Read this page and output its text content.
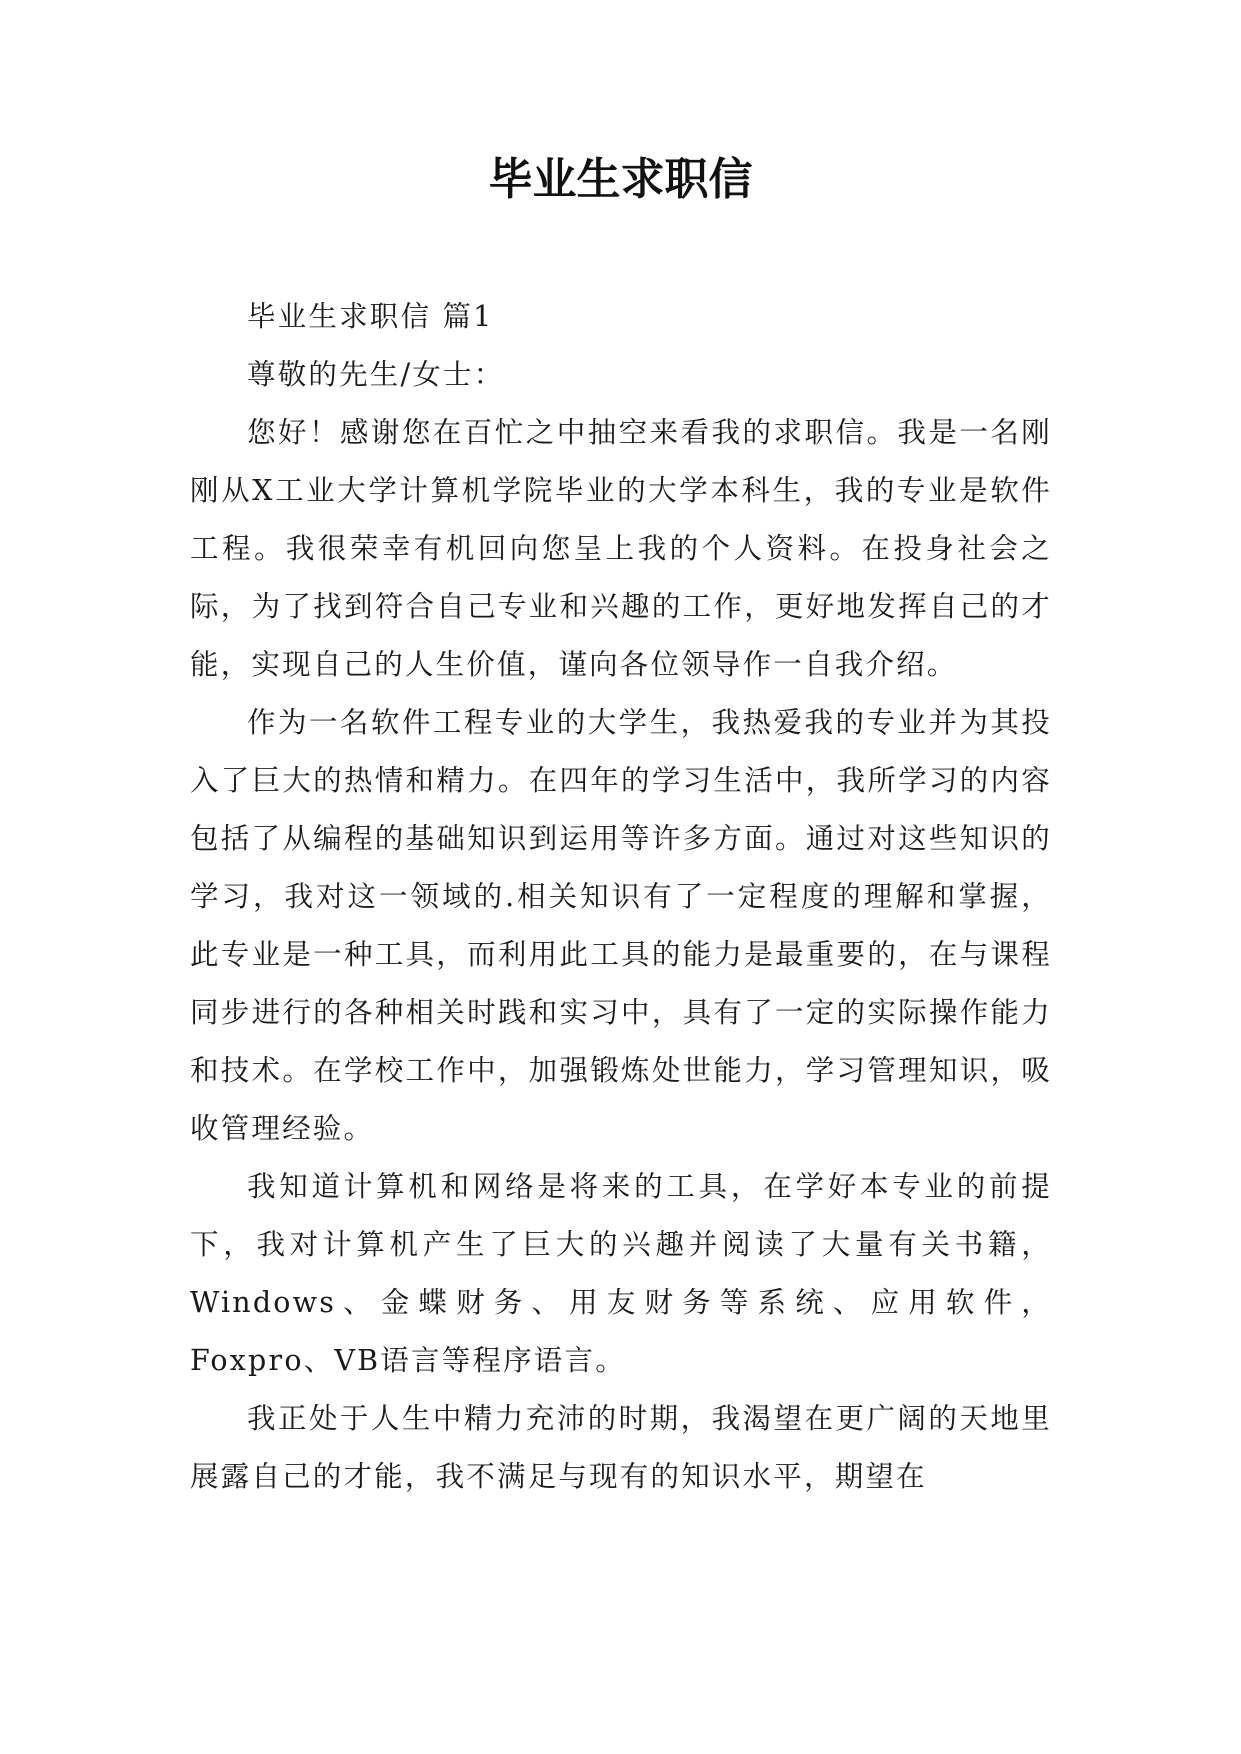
毕业生求职信

毕业生求职信 篇1

尊敬的先生/女士：

您好！感谢您在百忙之中抽空来看我的求职信。我是一名刚刚从X工业大学计算机学院毕业的大学本科生，我的专业是软件工程。我很荣幸有机回向您呈上我的个人资料。在投身社会之际，为了找到符合自己专业和兴趣的工作，更好地发挥自己的才能，实现自己的人生价值，谨向各位领导作一自我介绍。

作为一名软件工程专业的大学生，我热爱我的专业并为其投入了巨大的热情和精力。在四年的学习生活中，我所学习的内容包括了从编程的基础知识到运用等许多方面。通过对这些知识的学习，我对这一领域的.相关知识有了一定程度的理解和掌握，此专业是一种工具，而利用此工具的能力是最重要的，在与课程同步进行的各种相关时践和实习中，具有了一定的实际操作能力和技术。在学校工作中，加强锻炼处世能力，学习管理知识，吸收管理经验。

我知道计算机和网络是将来的工具，在学好本专业的前提下，我对计算机产生了巨大的兴趣并阅读了大量有关书籍，Windows、金蝶财务、用友财务等系统、应用软件，Foxpro、VB语言等程序语言。

我正处于人生中精力充沛的时期，我渴望在更广阔的天地里展露自己的才能，我不满足与现有的知识水平，期望在
